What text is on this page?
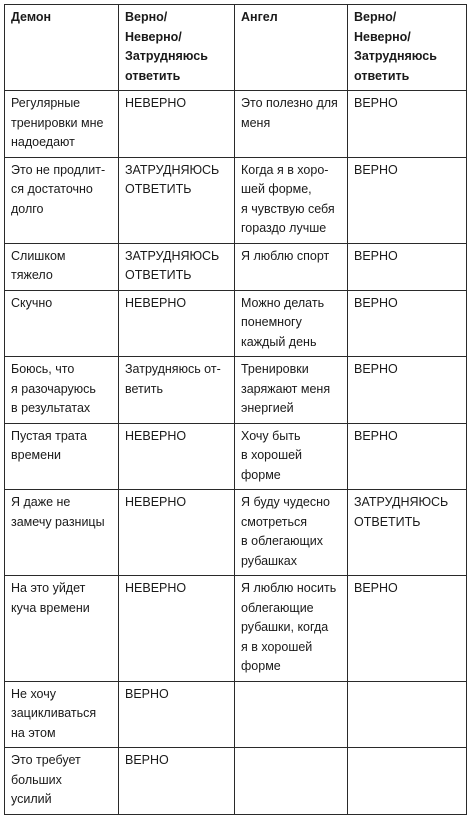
Демон	Верно/
Неверно/
Затрудняюсь
ответить	Ангел	Верно/
Неверно/
Затрудняюсь
ответить

Регулярные
тренировки мне
надоедают	НЕВЕРНО	Это полезно для
меня	ВЕРНО

Это не продлит-
ся достаточно
долго	ЗАТРУДНЯЮСЬ
ОТВЕТИТЬ	Когда я в хоро-
шей форме,
я чувствую себя
гораздо лучше	ВЕРНО

Слишком
тяжело	ЗАТРУДНЯЮСЬ
ОТВЕТИТЬ	Я люблю спорт	ВЕРНО

Скучно	НЕВЕРНО	Можно делать
понемногу
каждый день	ВЕРНО

Боюсь, что
я разочаруюсь
в результатах	Затрудняюсь от-
ветить	Тренировки
заряжают меня
энергией	ВЕРНО

Пустая трата
времени	НЕВЕРНО	Хочу быть
в хорошей
форме	ВЕРНО

Я даже не
замечу разницы	НЕВЕРНО	Я буду чудесно
смотреться
в облегающих
рубашках	ЗАТРУДНЯЮСЬ
ОТВЕТИТЬ

На это уйдет
куча времени	НЕВЕРНО	Я люблю носить
облегающие
рубашки, когда
я в хорошей
форме	ВЕРНО

Не хочу
зацикливаться
на этом	ВЕРНО		

Это требует
больших
усилий	ВЕРНО		
